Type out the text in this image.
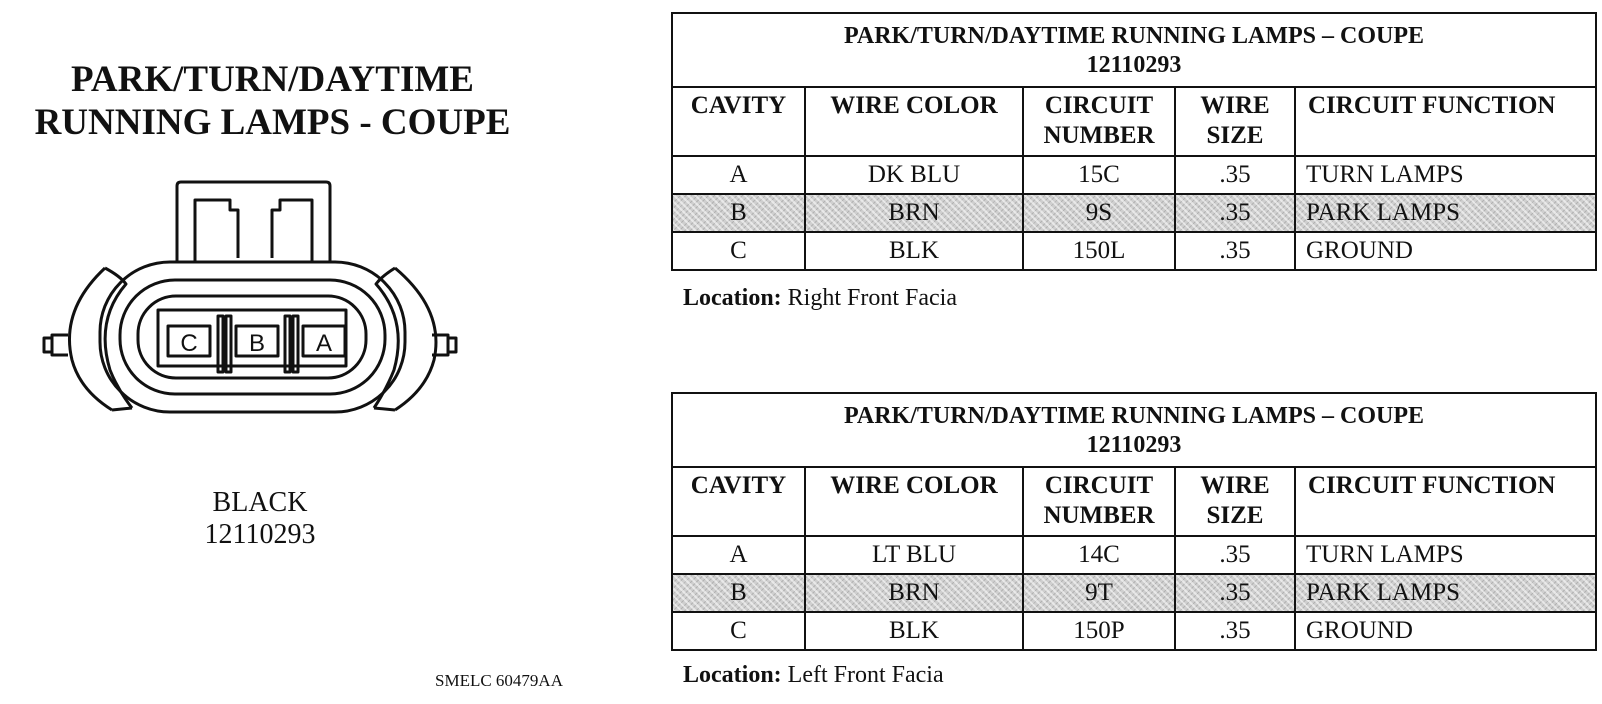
PARK/TURN/DAYTIME
RUNNING LAMPS - COUPE
C B A
BLACK
12110293
SMELC 60479AA
PARK/TURN/DAYTIME RUNNING LAMPS – COUPE
12110293				

CAVITY	WIRE COLOR	CIRCUIT NUMBER	WIRE SIZE	CIRCUIT FUNCTION
A	DK BLU	15C	.35	TURN LAMPS
B	BRN	9S	.35	PARK LAMPS
C	BLK	150L	.35	GROUND
Location: Right Front Facia
PARK/TURN/DAYTIME RUNNING LAMPS – COUPE
12110293				

CAVITY	WIRE COLOR	CIRCUIT NUMBER	WIRE SIZE	CIRCUIT FUNCTION
A	LT BLU	14C	.35	TURN LAMPS
B	BRN	9T	.35	PARK LAMPS
C	BLK	150P	.35	GROUND
Location: Left Front Facia
